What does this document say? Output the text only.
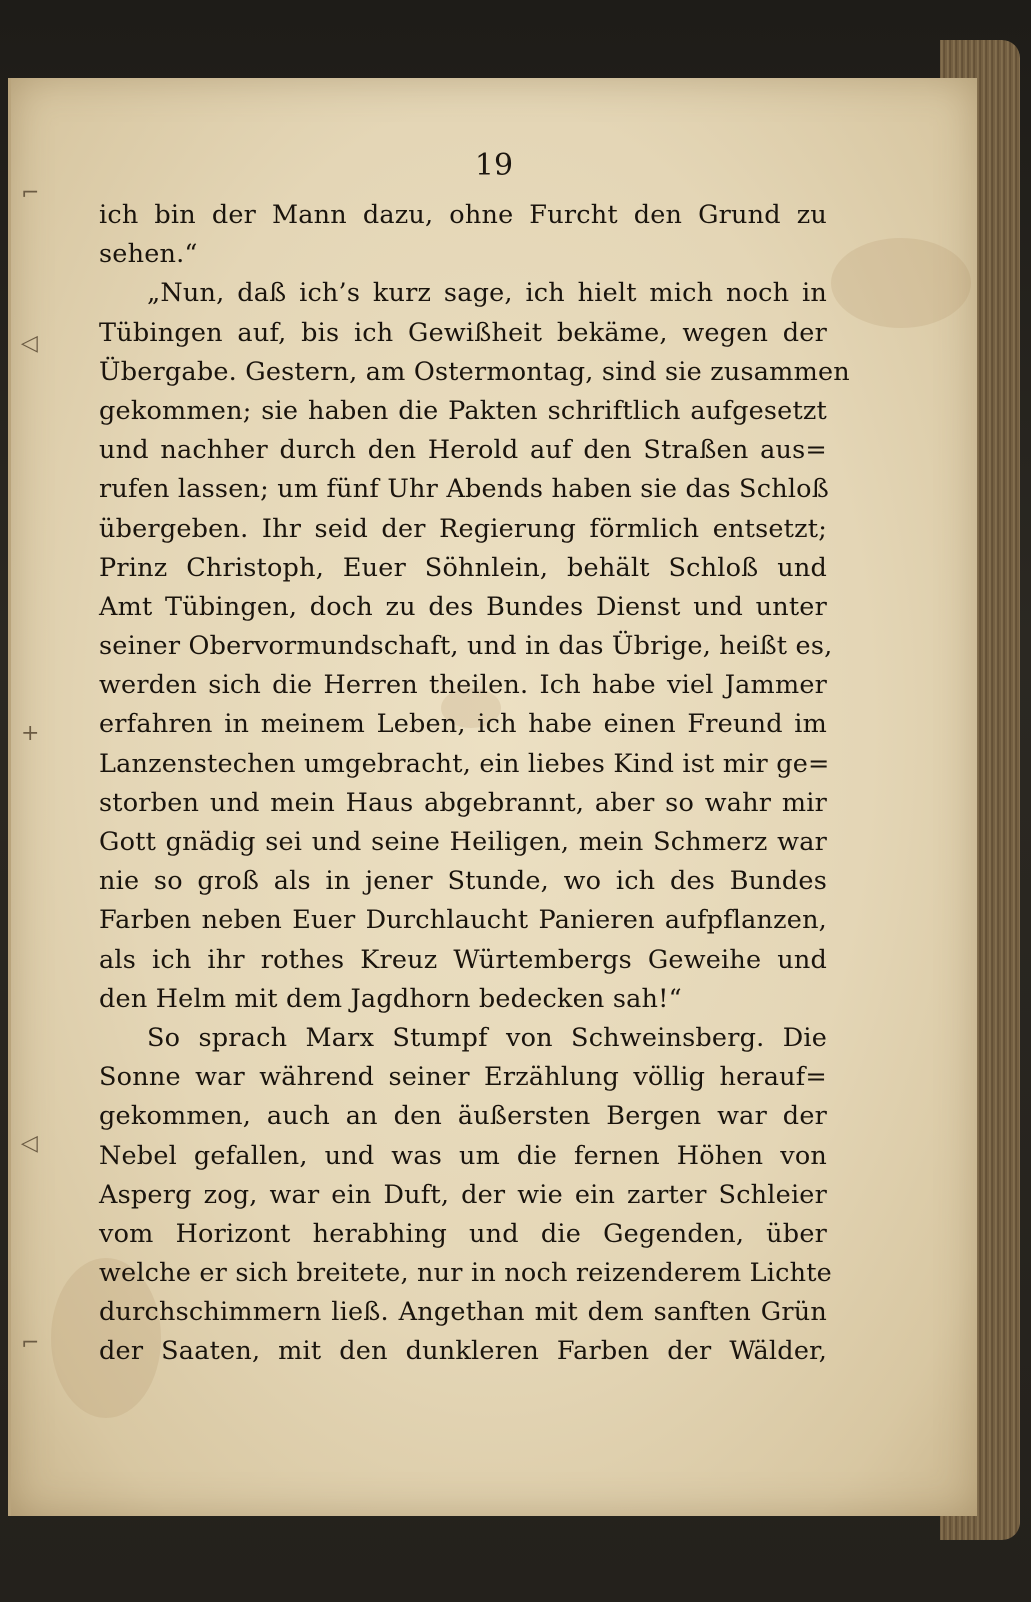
⌐
◁
+
◁
⌐
19
ich bin der Mann dazu, ohne Furcht den Grund zu
sehen.“
„Nun, daß ich’s kurz sage, ich hielt mich noch in
Tübingen auf, bis ich Gewißheit bekäme, wegen der
Übergabe. Gestern, am Ostermontag, sind sie zusammen
gekommen; sie haben die Pakten schriftlich aufgesetzt
und nachher durch den Herold auf den Straßen aus=
rufen lassen; um fünf Uhr Abends haben sie das Schloß
übergeben. Ihr seid der Regierung förmlich entsetzt;
Prinz Christoph, Euer Söhnlein, behält Schloß und
Amt Tübingen, doch zu des Bundes Dienst und unter
seiner Obervormundschaft, und in das Übrige, heißt es,
werden sich die Herren theilen. Ich habe viel Jammer
erfahren in meinem Leben, ich habe einen Freund im
Lanzenstechen umgebracht, ein liebes Kind ist mir ge=
storben und mein Haus abgebrannt, aber so wahr mir
Gott gnädig sei und seine Heiligen, mein Schmerz war
nie so groß als in jener Stunde, wo ich des Bundes
Farben neben Euer Durchlaucht Panieren aufpflanzen,
als ich ihr rothes Kreuz Würtembergs Geweihe und
den Helm mit dem Jagdhorn bedecken sah!“
So sprach Marx Stumpf von Schweinsberg. Die
Sonne war während seiner Erzählung völlig herauf=
gekommen, auch an den äußersten Bergen war der
Nebel gefallen, und was um die fernen Höhen von
Asperg zog, war ein Duft, der wie ein zarter Schleier
vom Horizont herabhing und die Gegenden, über
welche er sich breitete, nur in noch reizenderem Lichte
durchschimmern ließ. Angethan mit dem sanften Grün
der Saaten, mit den dunkleren Farben der Wälder,
